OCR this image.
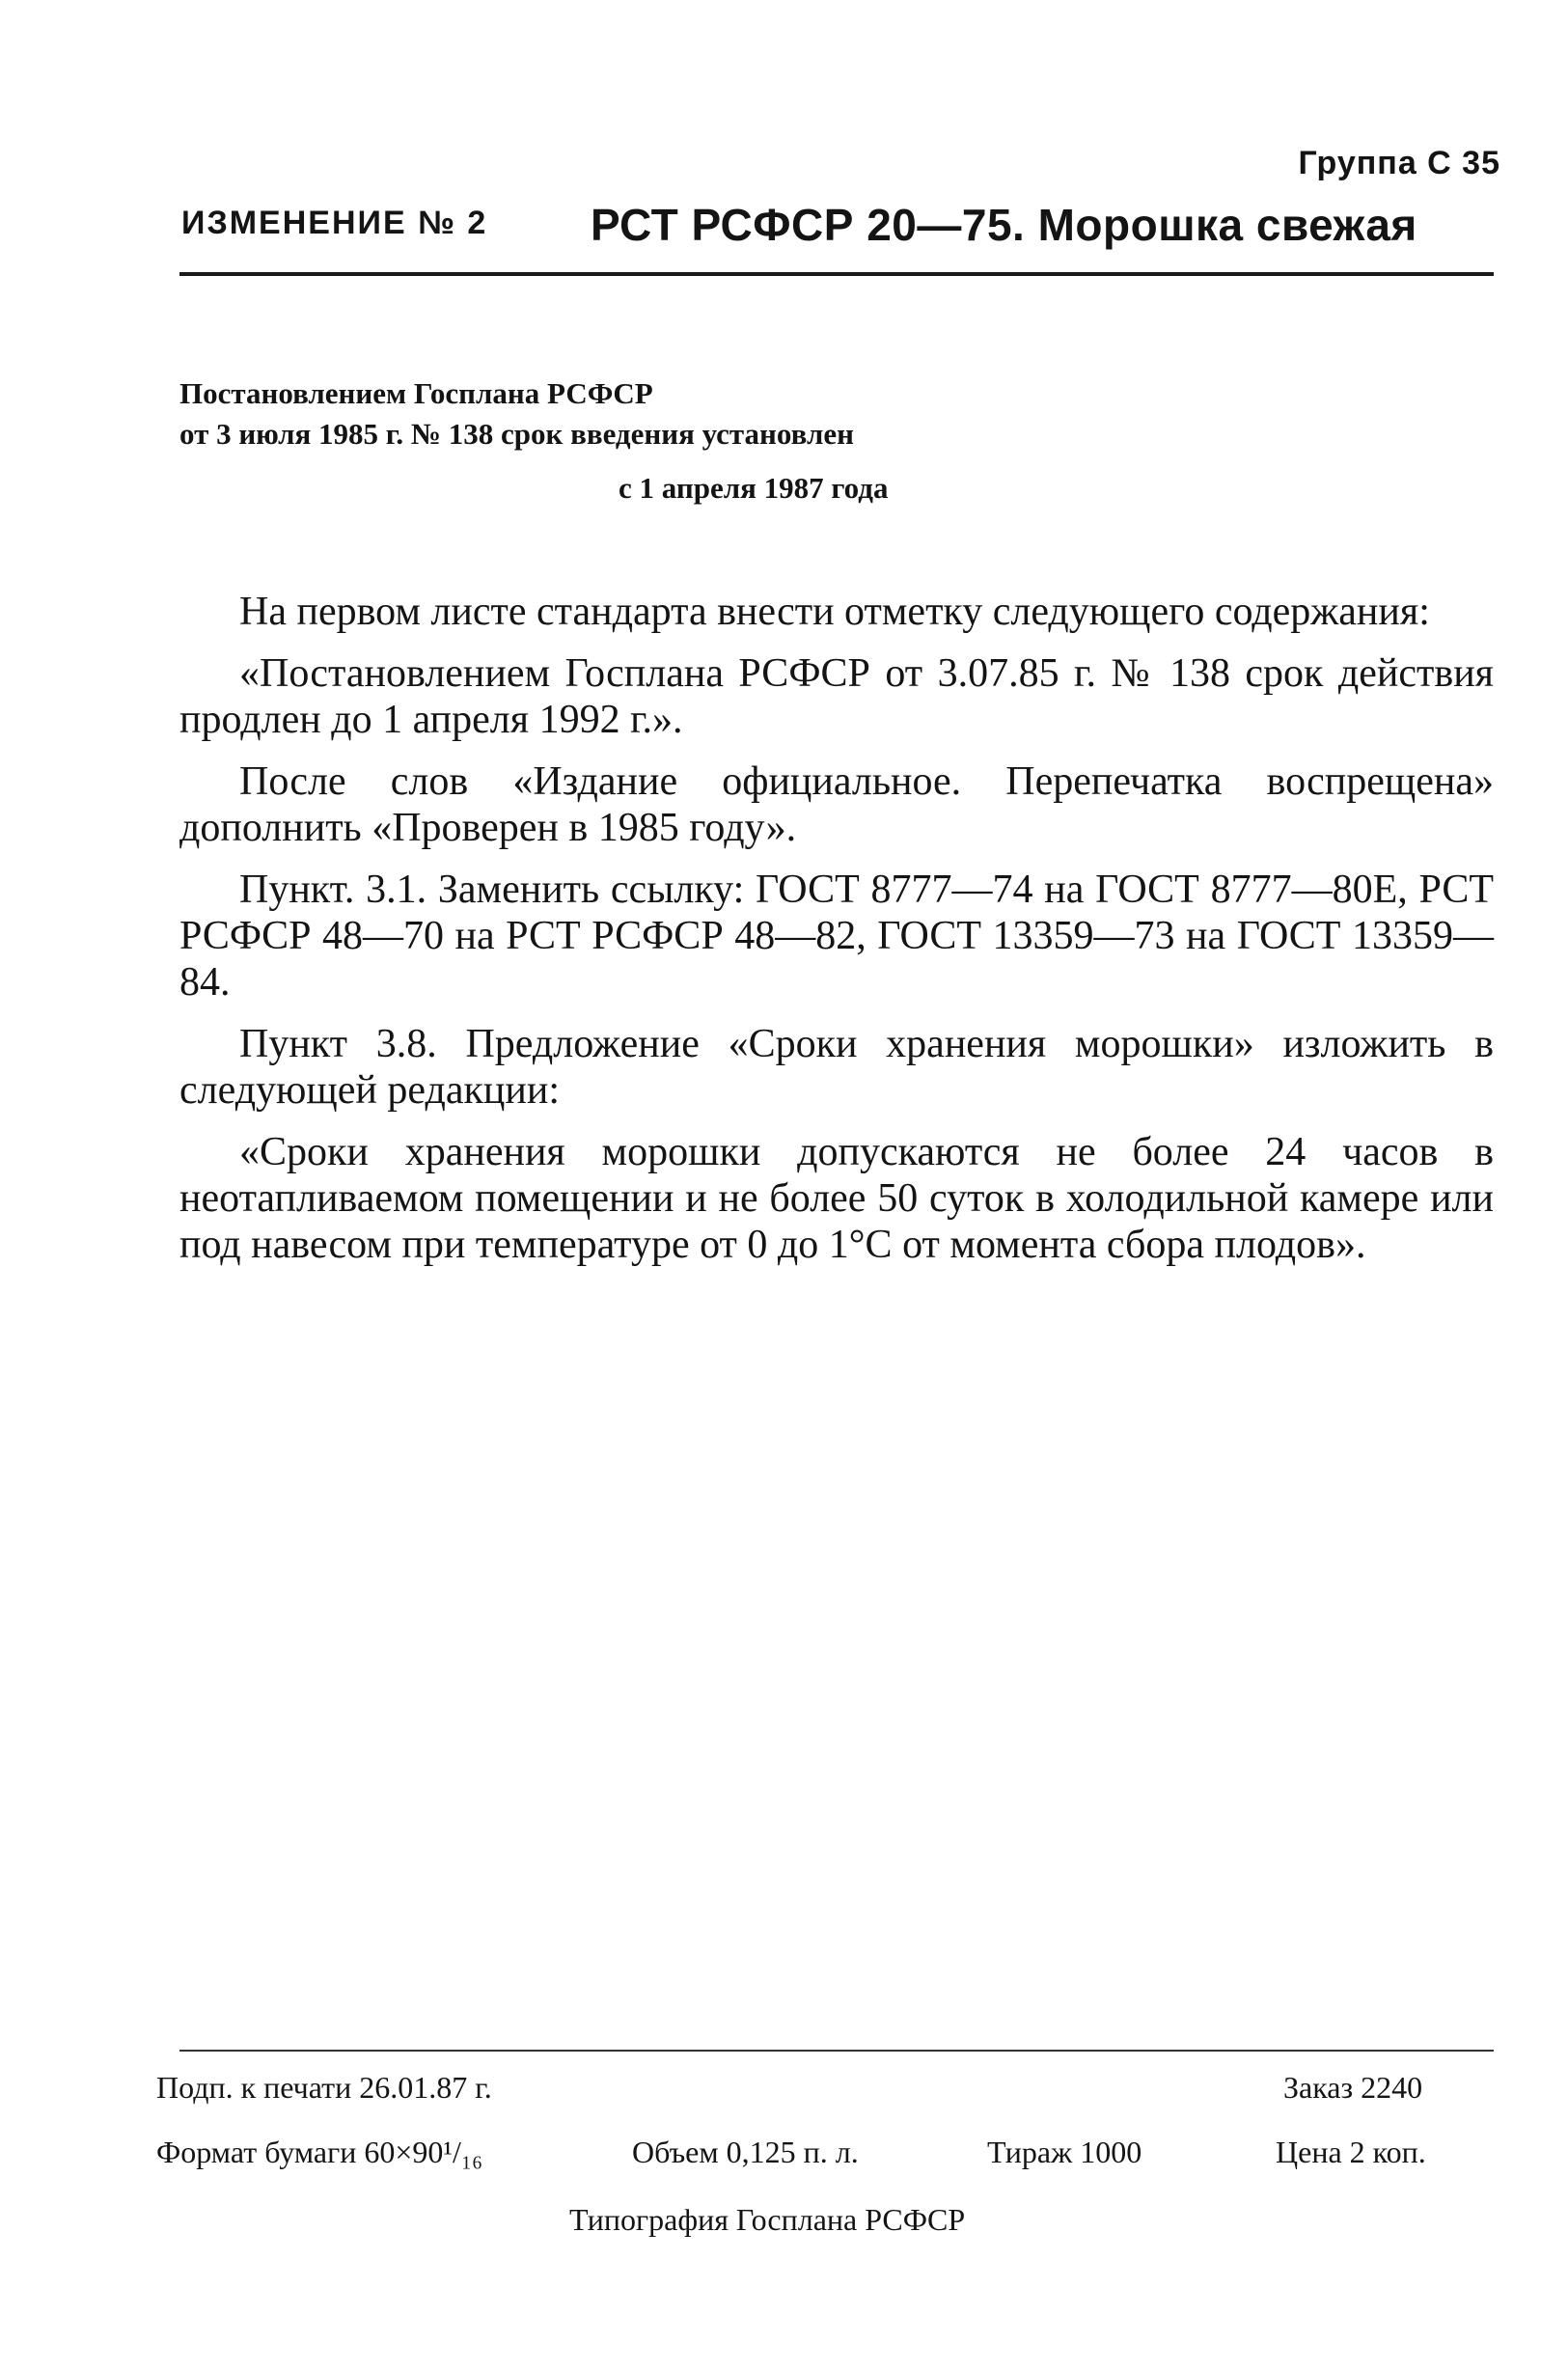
Группа С 35
ИЗМЕНЕНИЕ № 2 РСТ РСФСР 20—75. Морошка свежая
Постановлением Госплана РСФСР
от 3 июля 1985 г. № 138 срок введения установлен
с 1 апреля 1987 года

На первом листе стандарта внести отметку следующего содержания:

«Постановлением Госплана РСФСР от 3.07.85 г. № 138 срок действия продлен до 1 апреля 1992 г.».

После слов «Издание официальное. Перепечатка воспрещена» дополнить «Проверен в 1985 году».

Пункт. 3.1. Заменить ссылку: ГОСТ 8777—74 на ГОСТ 8777—80Е, РСТ РСФСР 48—70 на РСТ РСФСР 48—82, ГОСТ 13359—73 на ГОСТ 13359—84.

Пункт 3.8. Предложение «Сроки хранения морошки» изложить в следующей редакции:

«Сроки хранения морошки допускаются не более 24 часов в неотапливаемом помещении и не более 50 суток в холодильной камере или под навесом при температуре от 0 до 1°С от момента сбора плодов».

Подп. к печати 26.01.87 г.	Заказ 2240
Формат бумаги 60×90¹/₁₆	Объем 0,125 п. л.	Тираж 1000	Цена 2 коп.
Типография Госплана РСФСР
